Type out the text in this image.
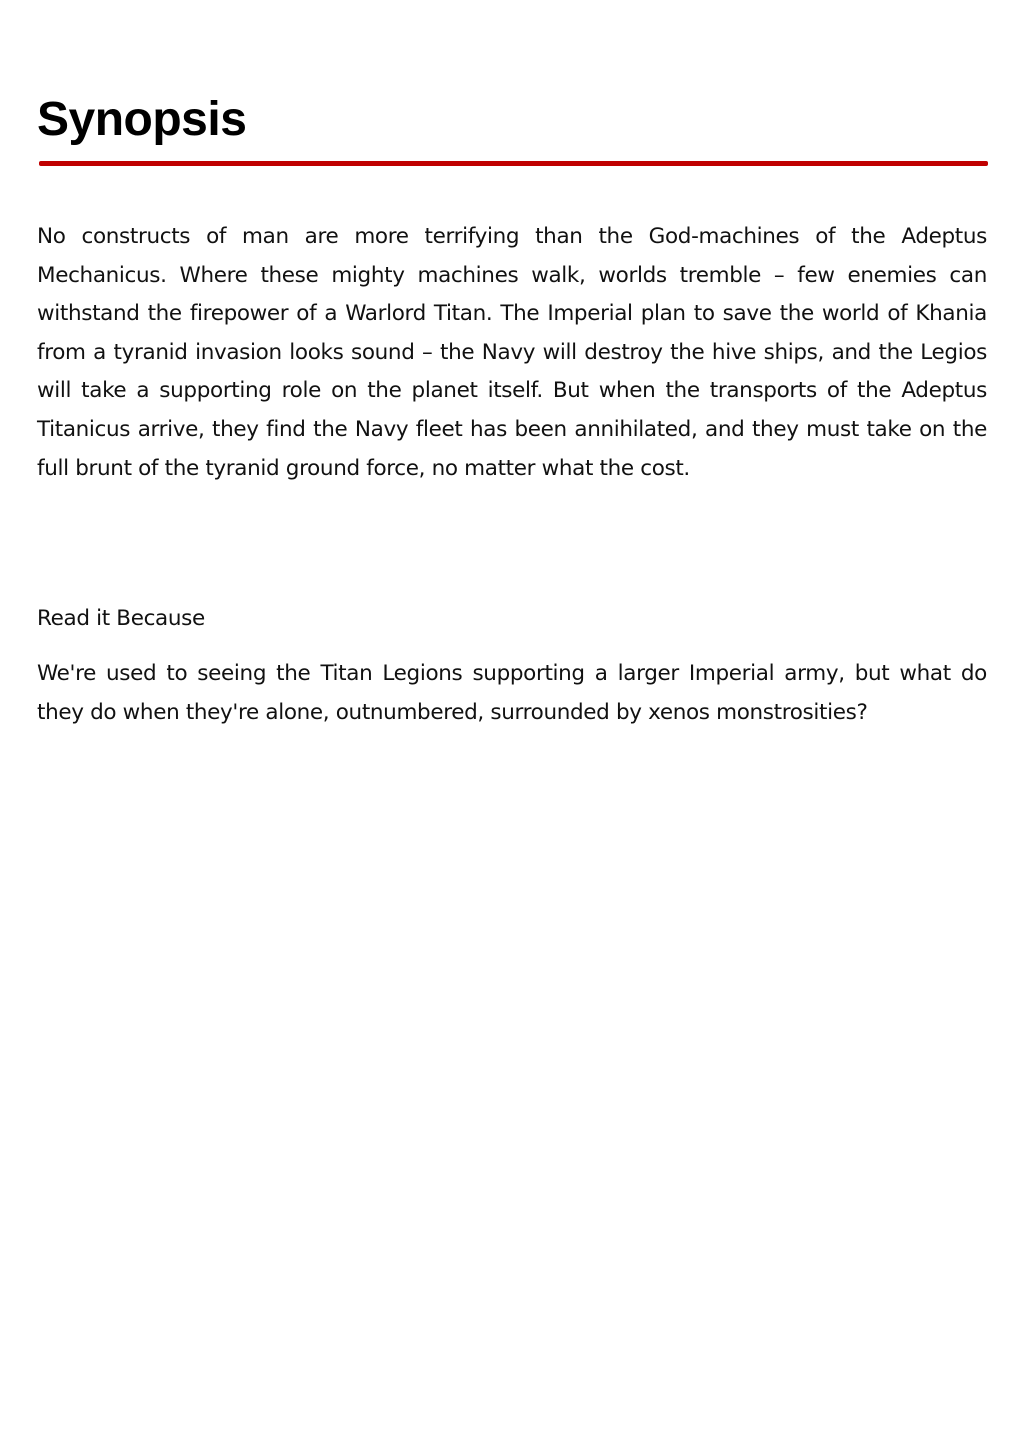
Synopsis

No constructs of man are more terrifying than the God-machines of the Adeptus Mechanicus. Where these mighty machines walk, worlds tremble – few enemies can withstand the firepower of a Warlord Titan. The Imperial plan to save the world of Khania from a tyranid invasion looks sound – the Navy will destroy the hive ships, and the Legios will take a supporting role on the planet itself. But when the transports of the Adeptus Titanicus arrive, they find the Navy fleet has been annihilated, and they must take on the full brunt of the tyranid ground force, no matter what the cost.

Read it Because

We're used to seeing the Titan Legions supporting a larger Imperial army, but what do they do when they're alone, outnumbered, surrounded by xenos monstrosities?
